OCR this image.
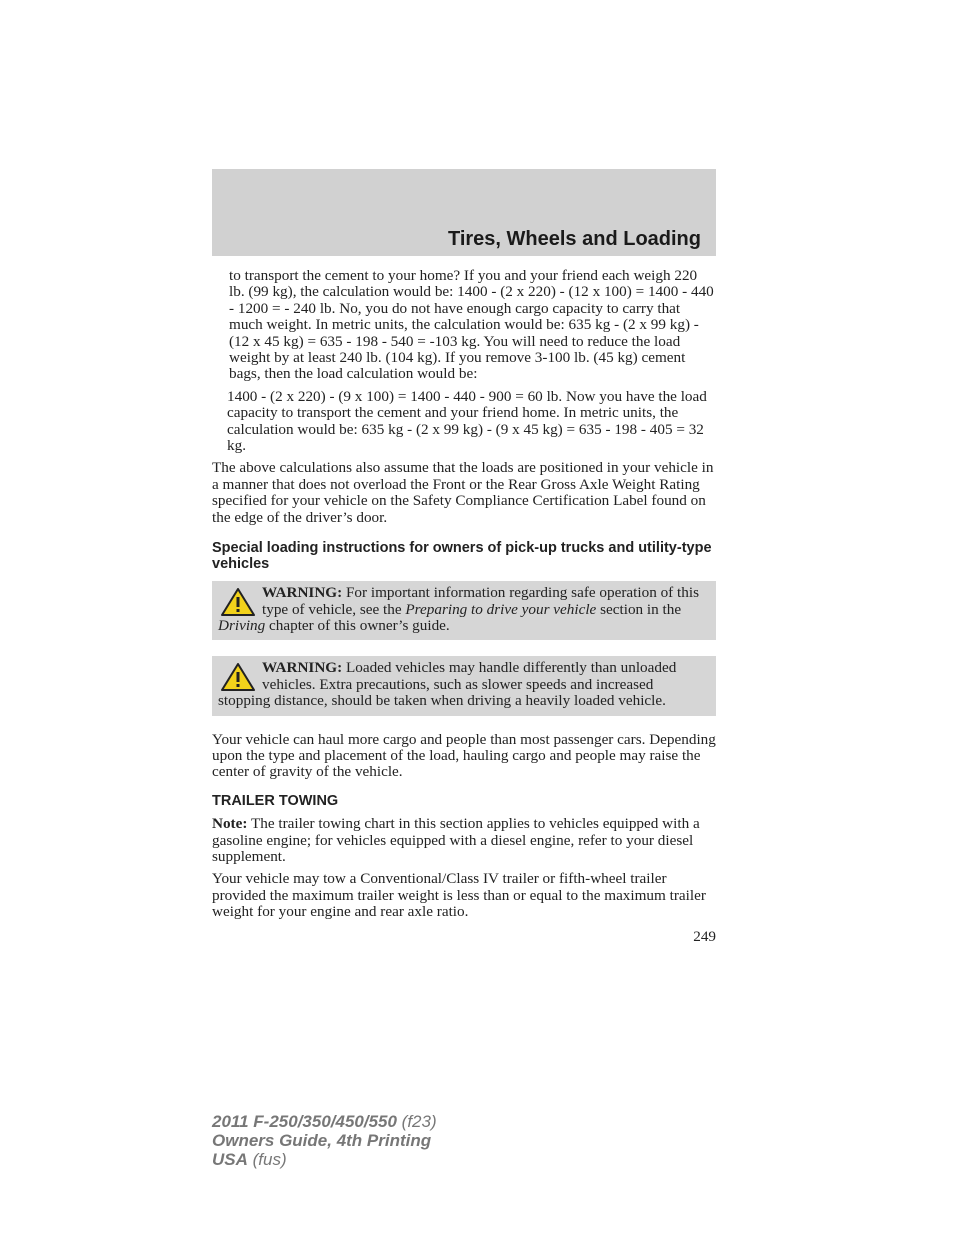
Tires, Wheels and Loading

to transport the cement to your home? If you and your friend each weigh 220 lb. (99 kg), the calculation would be: 1400 - (2 x 220) - (12 x 100) = 1400 - 440 - 1200 = - 240 lb. No, you do not have enough cargo capacity to carry that much weight. In metric units, the calculation would be: 635 kg - (2 x 99 kg) - (12 x 45 kg) = 635 - 198 - 540 = -103 kg. You will need to reduce the load weight by at least 240 lb. (104 kg). If you remove 3-100 lb. (45 kg) cement bags, then the load calculation would be:

1400 - (2 x 220) - (9 x 100) = 1400 - 440 - 900 = 60 lb. Now you have the load capacity to transport the cement and your friend home. In metric units, the calculation would be: 635 kg - (2 x 99 kg) - (9 x 45 kg) = 635 - 198 - 405 = 32 kg.

The above calculations also assume that the loads are positioned in your vehicle in a manner that does not overload the Front or the Rear Gross Axle Weight Rating specified for your vehicle on the Safety Compliance Certification Label found on the edge of the driver’s door.

Special loading instructions for owners of pick-up trucks and utility-type vehicles

WARNING: For important information regarding safe operation of this type of vehicle, see the Preparing to drive your vehicle section in the Driving chapter of this owner’s guide.

WARNING: Loaded vehicles may handle differently than unloaded vehicles. Extra precautions, such as slower speeds and increased stopping distance, should be taken when driving a heavily loaded vehicle.

Your vehicle can haul more cargo and people than most passenger cars. Depending upon the type and placement of the load, hauling cargo and people may raise the center of gravity of the vehicle.

TRAILER TOWING

Note: The trailer towing chart in this section applies to vehicles equipped with a gasoline engine; for vehicles equipped with a diesel engine, refer to your diesel supplement.

Your vehicle may tow a Conventional/Class IV trailer or fifth-wheel trailer provided the maximum trailer weight is less than or equal to the maximum trailer weight for your engine and rear axle ratio.

249
2011 F-250/350/450/550 (f23)
Owners Guide, 4th Printing
USA (fus)
